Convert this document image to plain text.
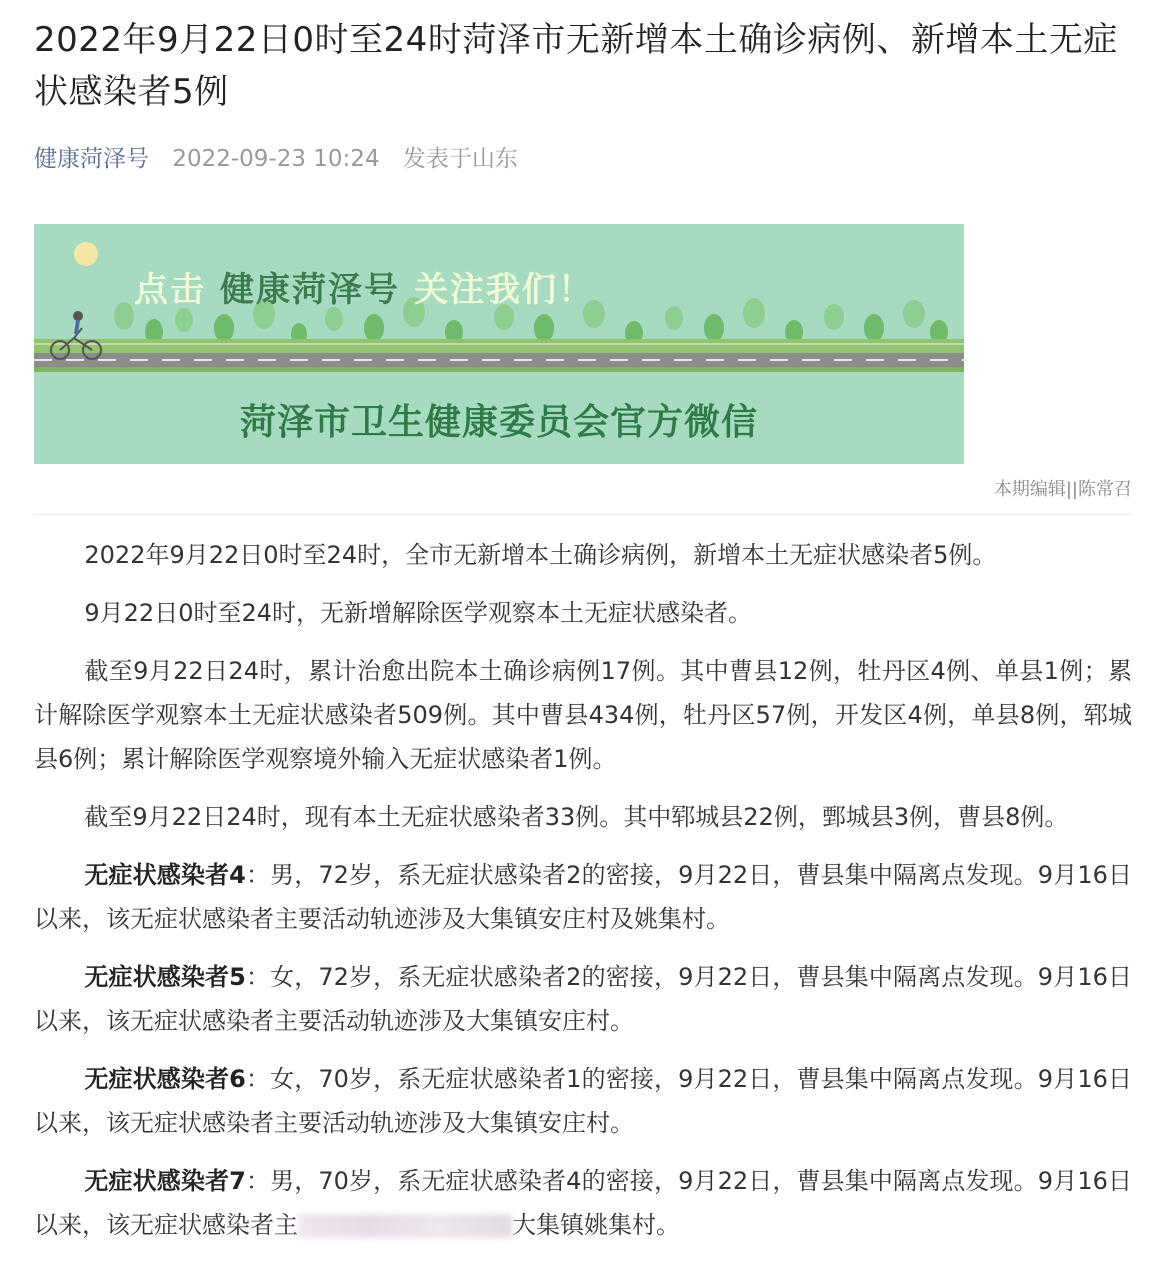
2022年9月22日0时至24时菏泽市无新增本土确诊病例、新增本土无症状感染者5例
健康菏泽号 2022-09-23 10:24 发表于山东
点击 健康菏泽号 关注我们！
菏泽市卫生健康委员会官方微信
本期编辑||陈常召

2022年9月22日0时至24时，全市无新增本土确诊病例，新增本土无症状感染者5例。

9月22日0时至24时，无新增解除医学观察本土无症状感染者。

截至9月22日24时，累计治愈出院本土确诊病例17例。其中曹县12例，牡丹区4例、单县1例；累计解除医学观察本土无症状感染者509例。其中曹县434例，牡丹区57例，开发区4例，单县8例，郓城县6例；累计解除医学观察境外输入无症状感染者1例。

截至9月22日24时，现有本土无症状感染者33例。其中郓城县22例，鄄城县3例，曹县8例。

无症状感染者4：男，72岁，系无症状感染者2的密接，9月22日，曹县集中隔离点发现。9月16日以来，该无症状感染者主要活动轨迹涉及大集镇安庄村及姚集村。

无症状感染者5：女，72岁，系无症状感染者2的密接，9月22日，曹县集中隔离点发现。9月16日以来，该无症状感染者主要活动轨迹涉及大集镇安庄村。

无症状感染者6：女，70岁，系无症状感染者1的密接，9月22日，曹县集中隔离点发现。9月16日以来，该无症状感染者主要活动轨迹涉及大集镇安庄村。

无症状感染者7：男，70岁，系无症状感染者4的密接，9月22日，曹县集中隔离点发现。9月16日以来，该无症状感染者主	大集镇姚集村。
